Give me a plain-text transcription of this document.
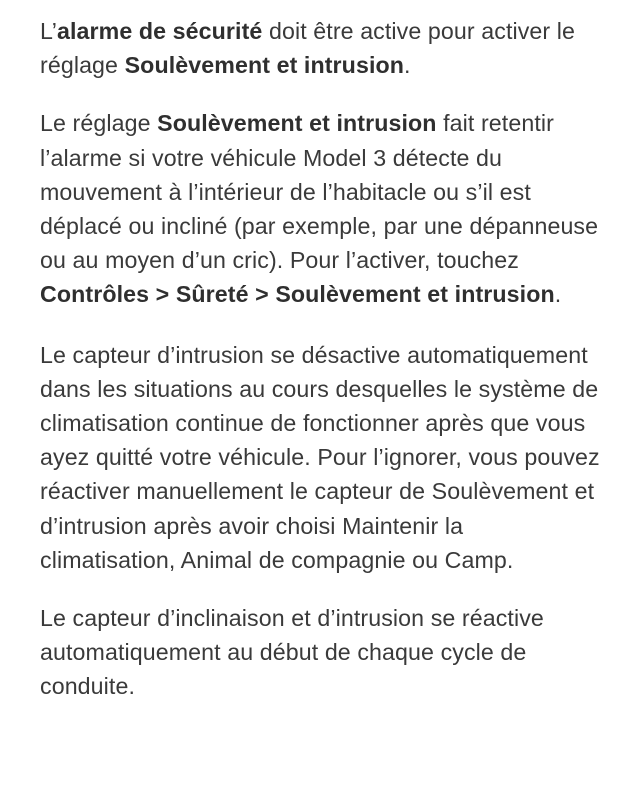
L’alarme de sécurité doit être active pour activer le réglage Soulèvement et intrusion.

Le réglage Soulèvement et intrusion fait retentir l’alarme si votre véhicule Model 3 détecte du mouvement à l’intérieur de l’habitacle ou s’il est déplacé ou incliné (par exemple, par une dépanneuse ou au moyen d’un cric). Pour l’activer, touchez Contrôles > Sûreté > Soulèvement et intrusion.

Le capteur d’intrusion se désactive automatiquement dans les situations au cours desquelles le système de climatisation continue de fonctionner après que vous ayez quitté votre véhicule. Pour l’ignorer, vous pouvez réactiver manuellement le capteur de Soulèvement et d’intrusion après avoir choisi Maintenir la climatisation, Animal de compagnie ou Camp.

Le capteur d’inclinaison et d’intrusion se réactive automatiquement au début de chaque cycle de conduite.
